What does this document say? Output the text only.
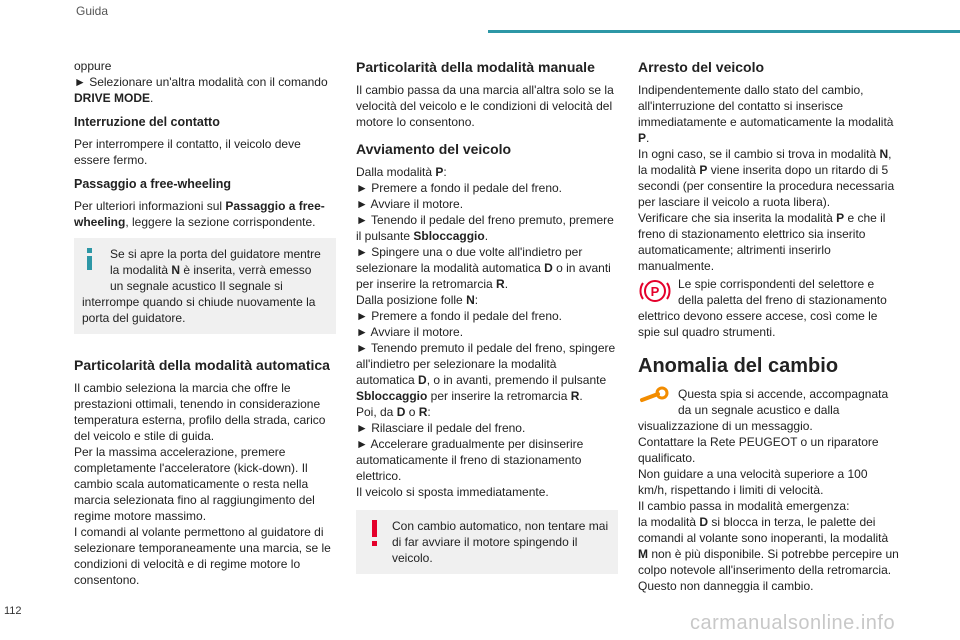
Guida

oppure
► Selezionare un'altra modalità con il comando DRIVE MODE.

Interruzione del contatto

Per interrompere il contatto, il veicolo deve essere fermo.

Passaggio a free-wheeling

Per ulteriori informazioni sul Passaggio a free-wheeling, leggere la sezione corrispondente.

Se si apre la porta del guidatore mentre la modalità N è inserita, verrà emesso un segnale acustico Il segnale si interrompe quando si chiude nuovamente la porta del guidatore.
Particolarità della modalità automatica

Il cambio seleziona la marcia che offre le prestazioni ottimali, tenendo in considerazione temperatura esterna, profilo della strada, carico del veicolo e stile di guida.

Per la massima accelerazione, premere completamente l'acceleratore (kick-down). Il cambio scala automaticamente o resta nella marcia selezionata fino al raggiungimento del regime motore massimo.

I comandi al volante permettono al guidatore di selezionare temporaneamente una marcia, se le condizioni di velocità e di regime motore lo consentono.

Particolarità della modalità manuale

Il cambio passa da una marcia all'altra solo se la velocità del veicolo e le condizioni di velocità del motore lo consentono.

Avviamento del veicolo
Dalla modalità P:
► Premere a fondo il pedale del freno.
► Avviare il motore.
► Tenendo il pedale del freno premuto, premere il pulsante Sbloccaggio.
► Spingere una o due volte all'indietro per selezionare la modalità automatica D o in avanti per inserire la retromarcia R.
Dalla posizione folle N:
► Premere a fondo il pedale del freno.
► Avviare il motore.
► Tenendo premuto il pedale del freno, spingere all'indietro per selezionare la modalità automatica D, o in avanti, premendo il pulsante Sbloccaggio per inserire la retromarcia R.
Poi, da D o R:
► Rilasciare il pedale del freno.
► Accelerare gradualmente per disinserire automaticamente il freno di stazionamento elettrico.
Il veicolo si sposta immediatamente.
Con cambio automatico, non tentare mai di far avviare il motore spingendo il veicolo.
Arresto del veicolo
Indipendentemente dallo stato del cambio, all'interruzione del contatto si inserisce immediatamente e automaticamente la modalità P.
In ogni caso, se il cambio si trova in modalità N, la modalità P viene inserita dopo un ritardo di 5 secondi (per consentire la procedura necessaria per lasciare il veicolo a ruota libera).
Verificare che sia inserita la modalità P e che il freno di stazionamento elettrico sia inserito automaticamente; altrimenti inserirlo manualmente.
P Le spie corrispondenti del selettore e della paletta del freno di stazionamento elettrico devono essere accese, così come le spie sul quadro strumenti.
Anomalia del cambio
Questa spia si accende, accompagnata da un segnale acustico e dalla visualizzazione di un messaggio.
Contattare la Rete PEUGEOT o un riparatore qualificato.
Non guidare a una velocità superiore a 100 km/h, rispettando i limiti di velocità.
Il cambio passa in modalità emergenza:
la modalità D si blocca in terza, le palette dei comandi al volante sono inoperanti, la modalità M non è più disponibile. Si potrebbe percepire un colpo notevole all'inserimento della retromarcia. Questo non danneggia il cambio.
112
carmanualsonline.info
